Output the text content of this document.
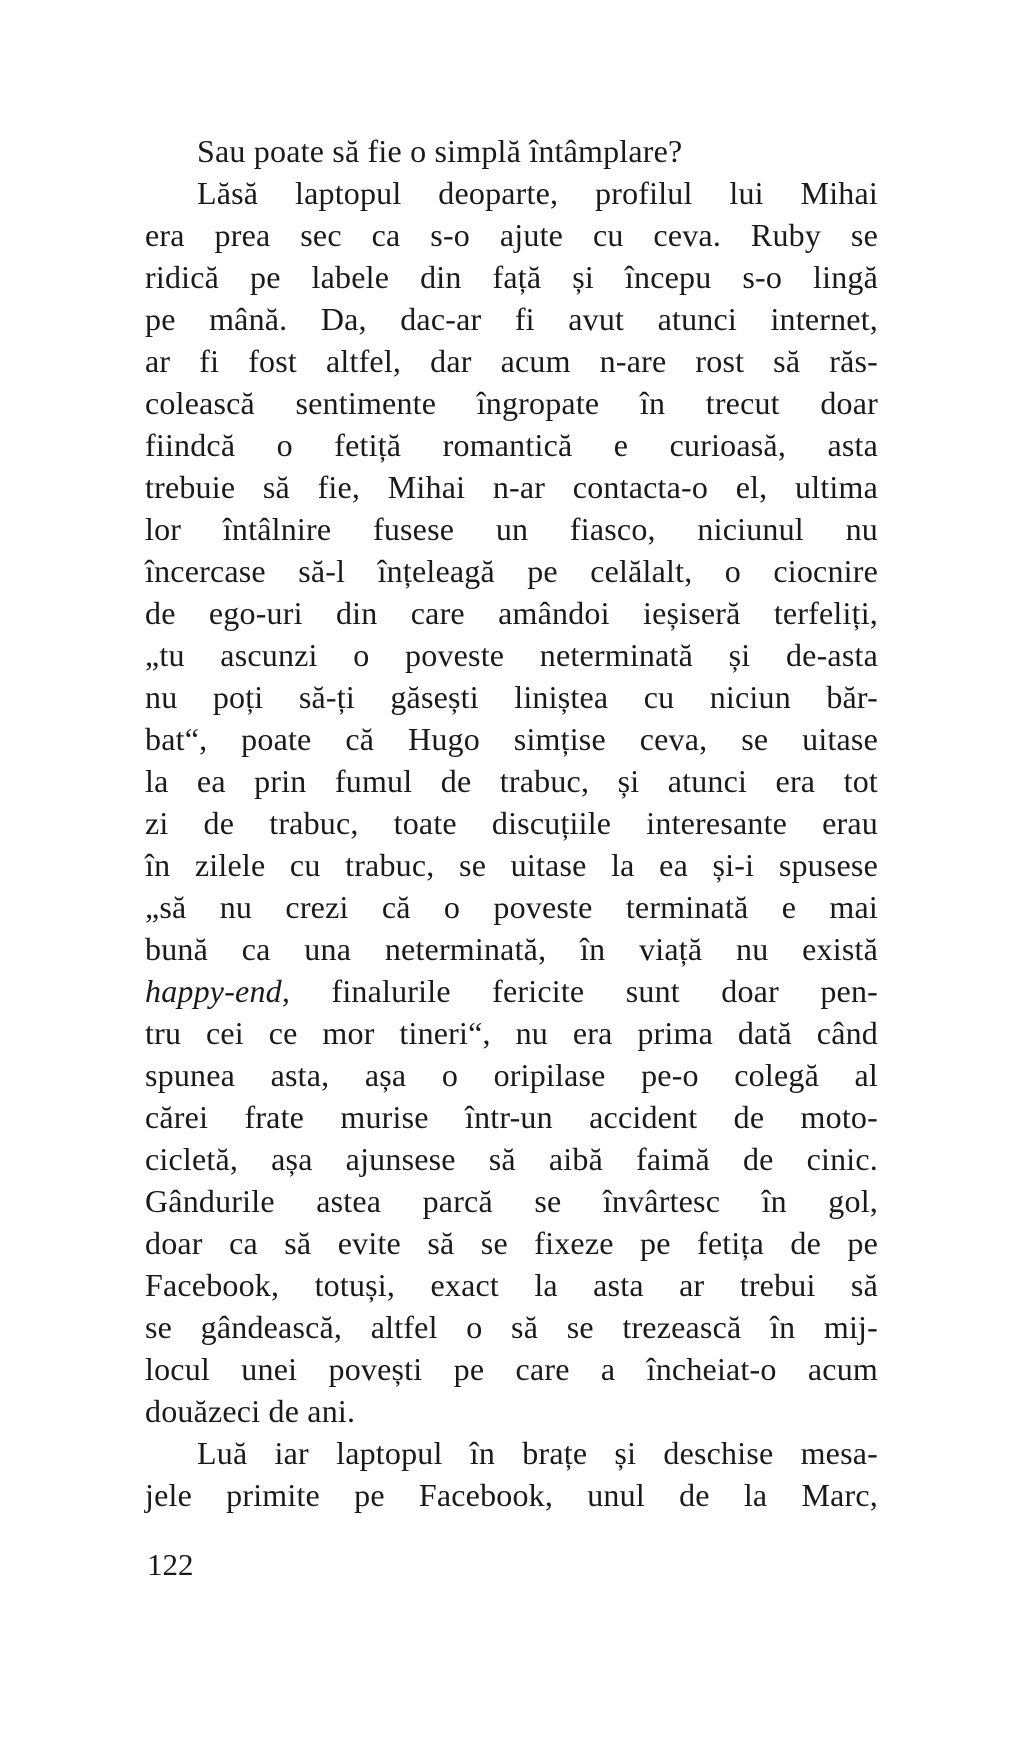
Sau poate să fie o simplă întâmplare?
Lăsă laptopul deoparte, profilul lui Mihai
era prea sec ca s-o ajute cu ceva. Ruby se
ridică pe labele din față și începu s-o lingă
pe mână. Da, dac-ar fi avut atunci internet,
ar fi fost altfel, dar acum n-are rost să răs-
colească sentimente îngropate în trecut doar
fiindcă o fetiță romantică e curioasă, asta
trebuie să fie, Mihai n-ar contacta-o el, ultima
lor întâlnire fusese un fiasco, niciunul nu
încercase să-l înțeleagă pe celălalt, o ciocnire
de ego-uri din care amândoi ieșiseră terfeliți,
„tu ascunzi o poveste neterminată și de-asta
nu poți să-ți găsești liniștea cu niciun băr-
bat“, poate că Hugo simțise ceva, se uitase
la ea prin fumul de trabuc, și atunci era tot
zi de trabuc, toate discuțiile interesante erau
în zilele cu trabuc, se uitase la ea și-i spusese
„să nu crezi că o poveste terminată e mai
bună ca una neterminată, în viață nu există
happy-end, finalurile fericite sunt doar pen-
tru cei ce mor tineri“, nu era prima dată când
spunea asta, așa o oripilase pe-o colegă al
cărei frate murise într-un accident de moto-
cicletă, așa ajunsese să aibă faimă de cinic.
Gândurile astea parcă se învârtesc în gol,
doar ca să evite să se fixeze pe fetița de pe
Facebook, totuși, exact la asta ar trebui să
se gândească, altfel o să se trezească în mij-
locul unei povești pe care a încheiat-o acum
douăzeci de ani.
Luă iar laptopul în brațe și deschise mesa-
jele primite pe Facebook, unul de la Marc,
122
